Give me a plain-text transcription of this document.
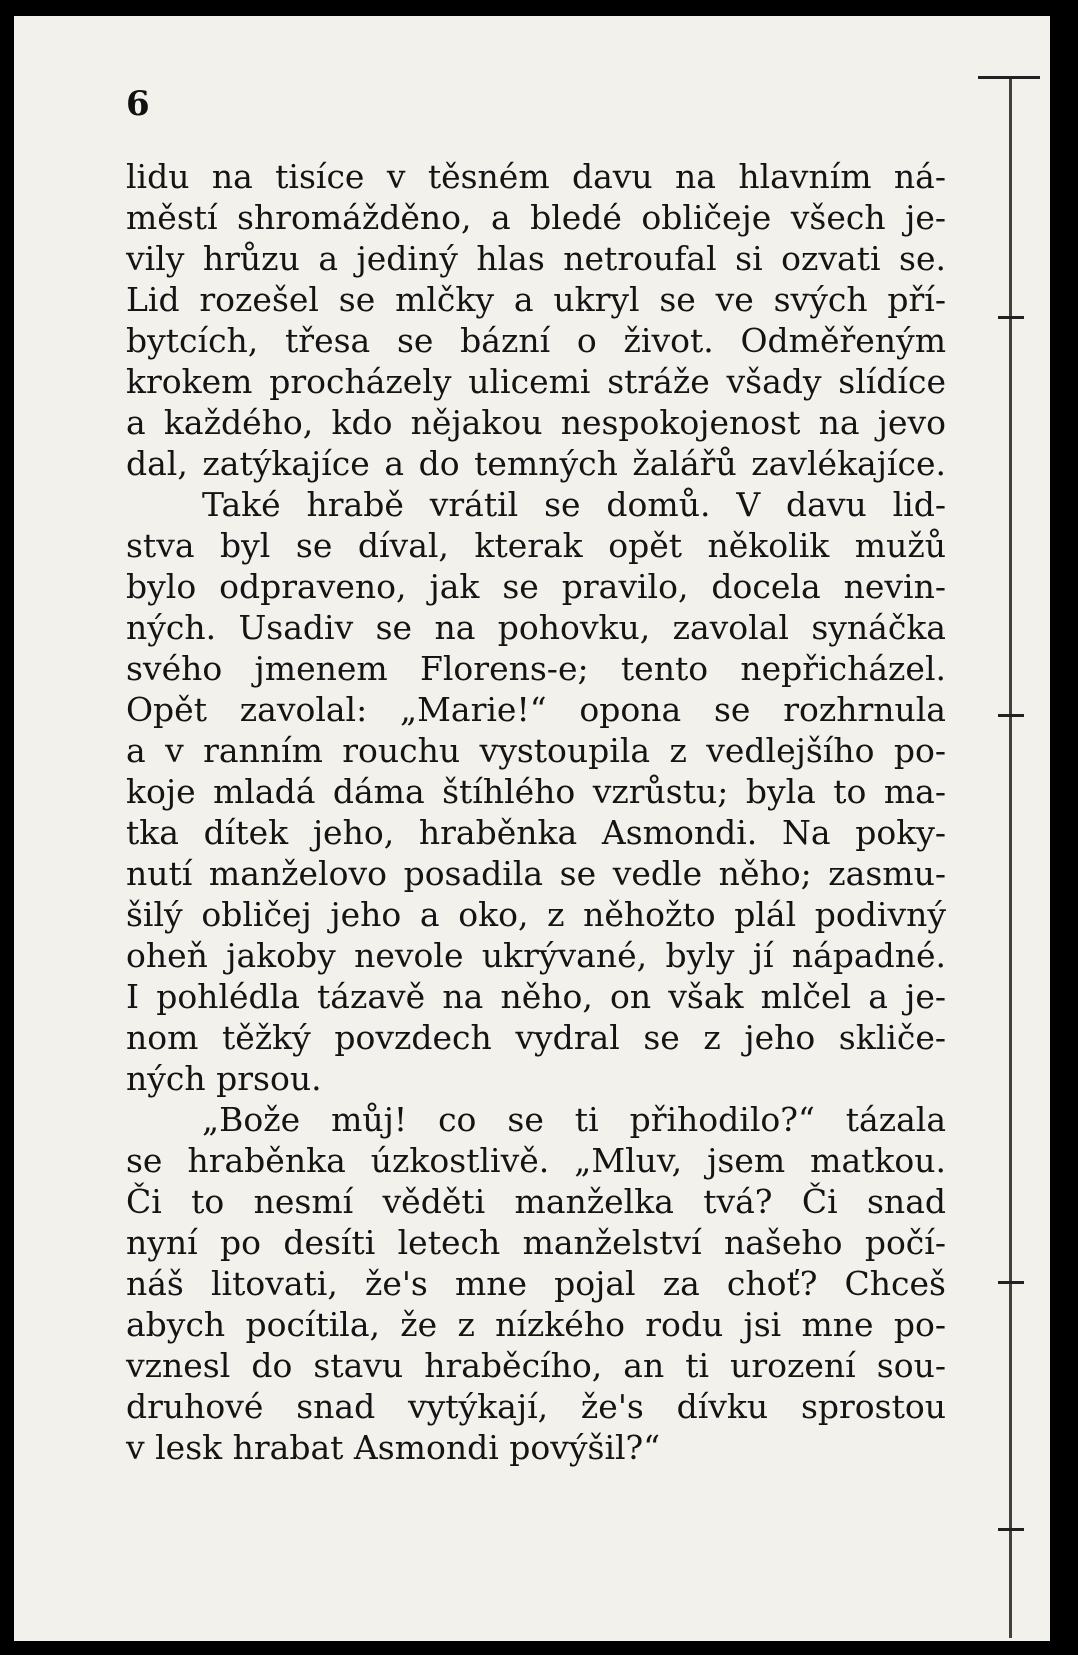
6
lidu na tisíce v těsném davu na hlavním ná-
městí shromážděno, a bledé obličeje všech je-
vily hrůzu a jediný hlas netroufal si ozvati se.
Lid rozešel se mlčky a ukryl se ve svých pří-
bytcích, třesa se bázní o život. Odměřeným
krokem procházely ulicemi stráže všady slídíce
a každého, kdo nějakou nespokojenost na jevo
dal, zatýkajíce a do temných žalářů zavlékajíce.
Také hrabě vrátil se domů. V davu lid-
stva byl se díval, kterak opět několik mužů
bylo odpraveno, jak se pravilo, docela nevin-
ných. Usadiv se na pohovku, zavolal synáčka
svého jmenem Florens-e; tento nepřicházel.
Opět zavolal: „Marie!“ opona se rozhrnula
a v ranním rouchu vystoupila z vedlejšího po-
koje mladá dáma štíhlého vzrůstu; byla to ma-
tka dítek jeho, hraběnka Asmondi. Na poky-
nutí manželovo posadila se vedle něho; zasmu-
šilý obličej jeho a oko, z něhožto plál podivný
oheň jakoby nevole ukrývané, byly jí nápadné.
I pohlédla tázavě na něho, on však mlčel a je-
nom těžký povzdech vydral se z jeho skliče-
ných prsou.
„Bože můj! co se ti přihodilo?“ tázala
se hraběnka úzkostlivě. „Mluv, jsem matkou.
Či to nesmí věděti manželka tvá? Či snad
nyní po desíti letech manželství našeho počí-
náš litovati, že's mne pojal za choť? Chceš
abych pocítila, že z nízkého rodu jsi mne po-
vznesl do stavu hraběcího, an ti urození sou-
druhové snad vytýkají, že's dívku sprostou
v lesk hrabat Asmondi povýšil?“
